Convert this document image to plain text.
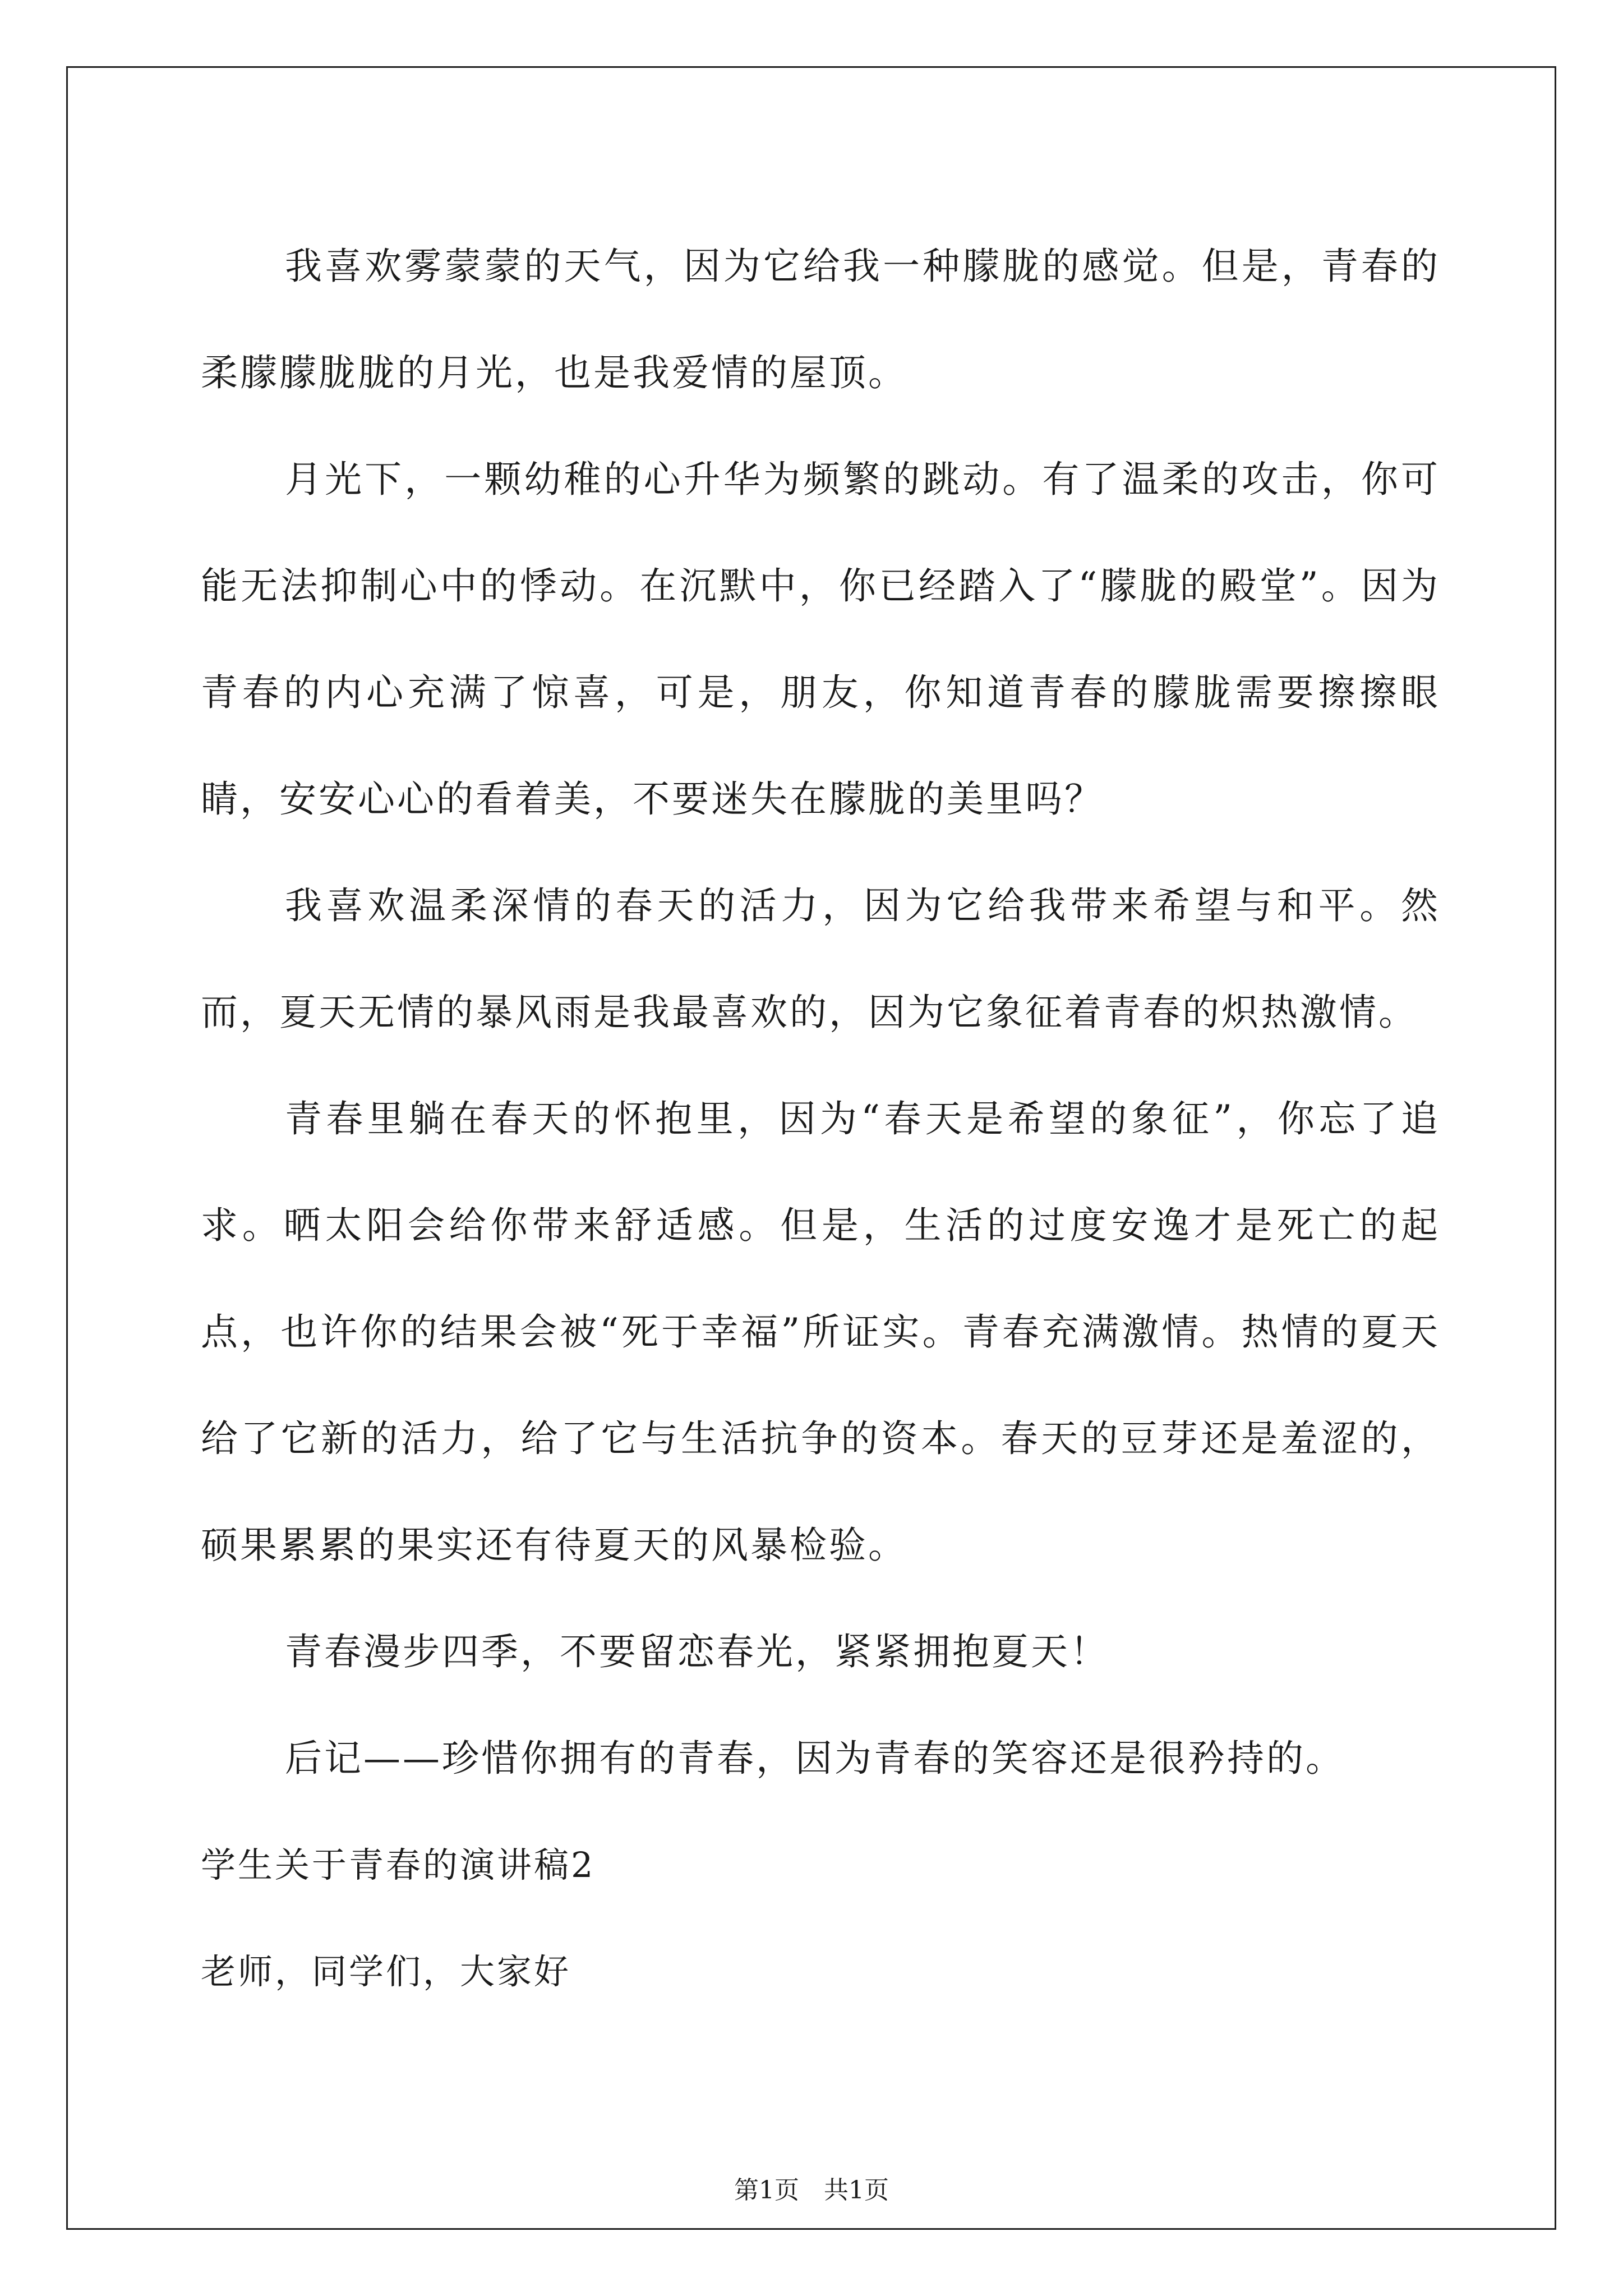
我喜欢雾蒙蒙的天气，因为它给我一种朦胧的感觉。但是，青春的柔朦朦胧胧的月光，也是我爱情的屋顶。

月光下，一颗幼稚的心升华为频繁的跳动。有了温柔的攻击，你可能无法抑制心中的悸动。在沉默中，你已经踏入了“朦胧的殿堂”。因为青春的内心充满了惊喜，可是，朋友，你知道青春的朦胧需要擦擦眼睛，安安心心的看着美，不要迷失在朦胧的美里吗？

我喜欢温柔深情的春天的活力，因为它给我带来希望与和平。然而，夏天无情的暴风雨是我最喜欢的，因为它象征着青春的炽热激情。

青春里躺在春天的怀抱里，因为“春天是希望的象征”，你忘了追求。晒太阳会给你带来舒适感。但是，生活的过度安逸才是死亡的起点，也许你的结果会被“死于幸福”所证实。青春充满激情。热情的夏天给了它新的活力，给了它与生活抗争的资本。春天的豆芽还是羞涩的，硕果累累的果实还有待夏天的风暴检验。

青春漫步四季，不要留恋春光，紧紧拥抱夏天！

后记——珍惜你拥有的青春，因为青春的笑容还是很矜持的。

学生关于青春的演讲稿2

老师，同学们，大家好

第1页 共1页
